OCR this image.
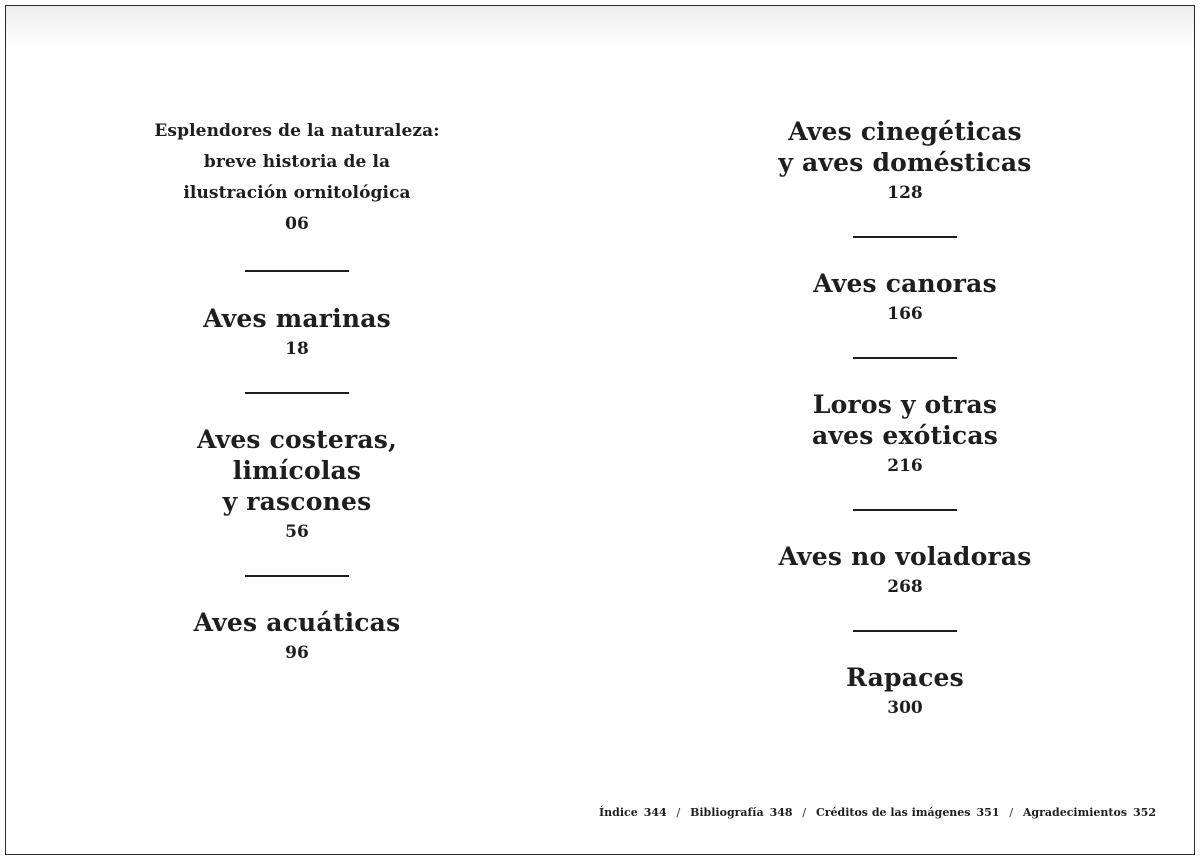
Esplendores de la naturaleza:
breve historia de la
ilustración ornitológica

06

Aves marinas

18

Aves costeras,
limícolas
y rascones

56

Aves acuáticas

96

Aves cinegéticas
y aves domésticas

128

Aves canoras

166

Loros y otras
aves exóticas

216

Aves no voladoras

268

Rapaces

300

Índice 344 / Bibliografía 348 / Créditos de las imágenes 351 / Agradecimientos 352
